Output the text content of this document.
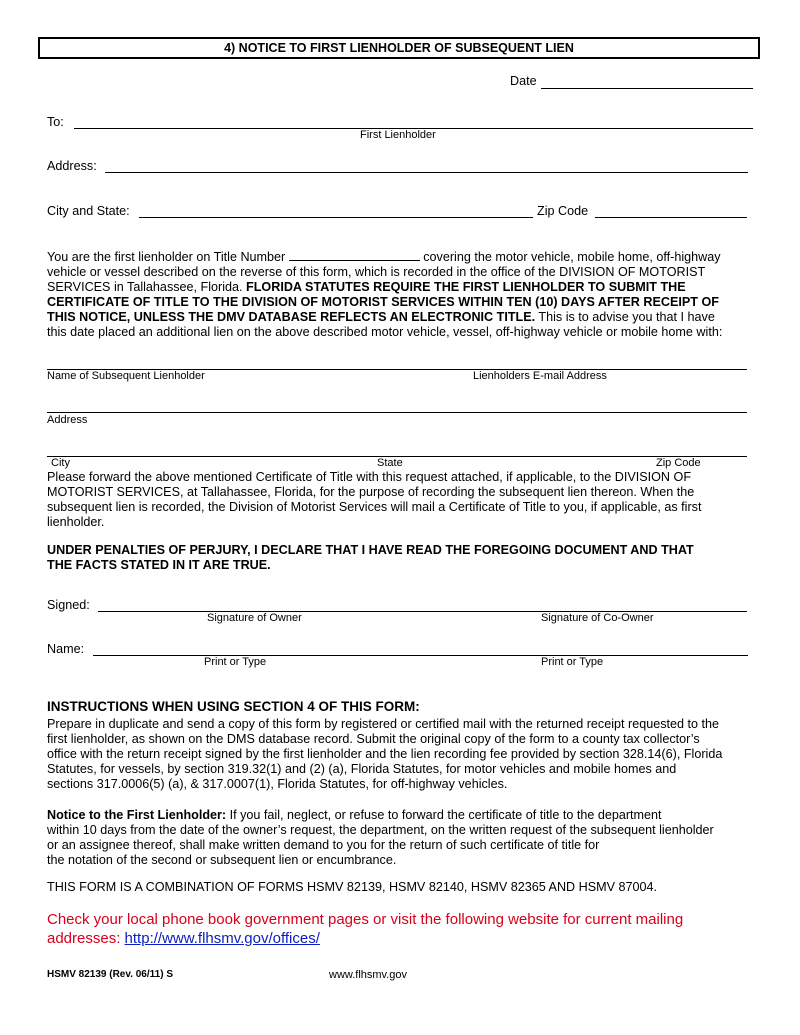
4) NOTICE TO FIRST LIENHOLDER OF SUBSEQUENT LIEN
Date
To:
First Lienholder
Address:
City and State:	Zip Code
You are the first lienholder on Title Number	covering the motor vehicle, mobile home, off-highway
vehicle or vessel described on the reverse of this form, which is recorded in the office of the DIVISION OF MOTORIST
SERVICES in Tallahassee, Florida. FLORIDA STATUTES REQUIRE THE FIRST LIENHOLDER TO SUBMIT THE
CERTIFICATE OF TITLE TO THE DIVISION OF MOTORIST SERVICES WITHIN TEN (10) DAYS AFTER RECEIPT OF
THIS NOTICE, UNLESS THE DMV DATABASE REFLECTS AN ELECTRONIC TITLE. This is to advise you that I have
this date placed an additional lien on the above described motor vehicle, vessel, off-highway vehicle or mobile home with:
Name of Subsequent Lienholder	Lienholders E-mail Address
Address
City	State	Zip Code
Please forward the above mentioned Certificate of Title with this request attached, if applicable, to the DIVISION OF
MOTORIST SERVICES, at Tallahassee, Florida, for the purpose of recording the subsequent lien thereon. When the
subsequent lien is recorded, the Division of Motorist Services will mail a Certificate of Title to you, if applicable, as first
lienholder.
UNDER PENALTIES OF PERJURY, I DECLARE THAT I HAVE READ THE FOREGOING DOCUMENT AND THAT
THE FACTS STATED IN IT ARE TRUE.
Signed:
Signature of Owner	Signature of Co-Owner
Name:
Print or Type	Print or Type
INSTRUCTIONS WHEN USING SECTION 4 OF THIS FORM:
Prepare in duplicate and send a copy of this form by registered or certified mail with the returned receipt requested to the
first lienholder, as shown on the DMS database record. Submit the original copy of the form to a county tax collector’s
office with the return receipt signed by the first lienholder and the lien recording fee provided by section 328.14(6), Florida
Statutes, for vessels, by section 319.32(1) and (2) (a), Florida Statutes, for motor vehicles and mobile homes and
sections 317.0006(5) (a), & 317.0007(1), Florida Statutes, for off-highway vehicles.
Notice to the First Lienholder: If you fail, neglect, or refuse to forward the certificate of title to the department
within 10 days from the date of the owner’s request, the department, on the written request of the subsequent lienholder
or an assignee thereof, shall make written demand to you for the return of such certificate of title for
the notation of the second or subsequent lien or encumbrance.
THIS FORM IS A COMBINATION OF FORMS HSMV 82139, HSMV 82140, HSMV 82365 AND HSMV 87004.
Check your local phone book government pages or visit the following website for current mailing
addresses: http://www.flhsmv.gov/offices/
HSMV 82139 (Rev. 06/11) S	www.flhsmv.gov
